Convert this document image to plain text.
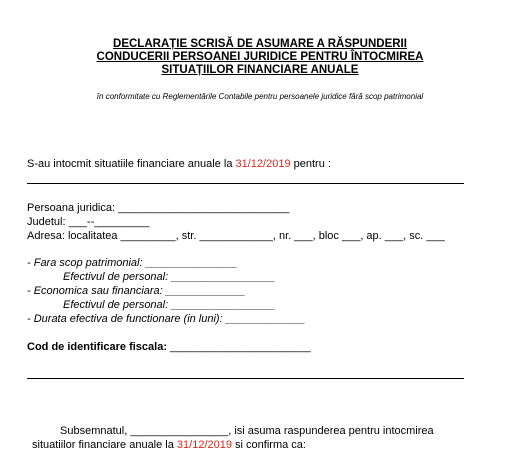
DECLARAȚIE SCRISĂ DE ASUMARE A RĂSPUNDERII
CONDUCERII PERSOANEI JURIDICE PENTRU ÎNTOCMIREA
SITUAȚIILOR FINANCIARE ANUALE
în conformitate cu Reglementările Contabile pentru persoanele juridice fără scop patrimonial
S-au intocmit situatiile financiare anuale la 31/12/2019 pentru :
Persoana juridica: ____________________________
Judetul: ___--_________
Adresa: localitatea _________, str. ____________, nr. ___, bloc ___, ap. ___, sc. ___
- Fara scop patrimonial: _______________
Efectivul de personal: _________________
- Economica sau financiara: _____________
Efectivul de personal: _________________
- Durata efectiva de functionare (in luni): _____________
Cod de identificare fiscala: _______________________
Subsemnatul, ________________, isi asuma raspunderea pentru intocmirea
situatiilor financiare anuale la 31/12/2019 si confirma ca:
